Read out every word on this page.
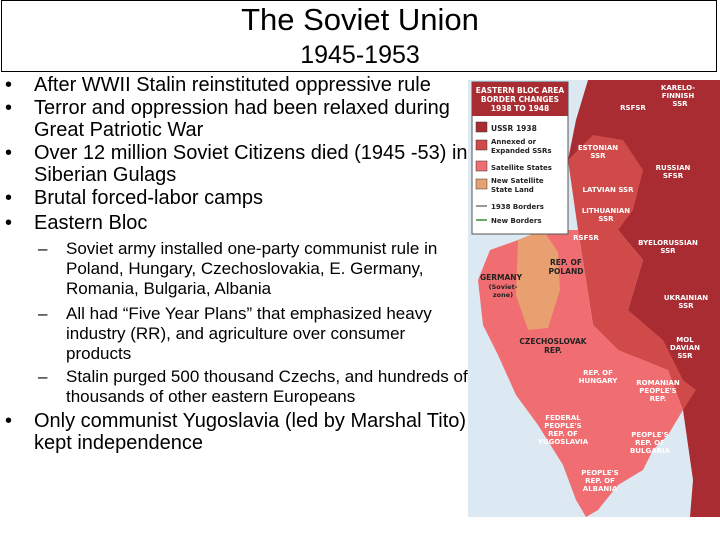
The Soviet Union
1945-1953
• After WWII Stalin reinstituted oppressive rule
• Terror and oppression had been relaxed during Great Patriotic War
• Over 12 million Soviet Citizens died (1945 -53) in Siberian Gulags
• Brutal forced-labor camps
• Eastern Bloc
– Soviet army installed one-party communist rule in Poland, Hungary, Czechoslovakia, E. Germany, Romania, Bulgaria, Albania
– All had “Five Year Plans” that emphasized heavy industry (RR), and agriculture over consumer products
– Stalin purged 500 thousand Czechs, and hundreds of thousands of other eastern Europeans
• Only communist Yugoslavia (led by Marshal Tito) kept independence
EASTERN BLOC AREA
BORDER CHANGES
1938 TO 1948
USSR 1938
Annexed or
Expanded SSRs
Satellite States
New Satellite
State Land
1938 Borders
New Borders
KARELO-
FINNISH
SSR
RSFSR
ESTONIAN
SSR
RUSSIAN
SFSR
LATVIAN SSR
LITHUANIAN
SSR
RSFSR
BYELORUSSIAN
SSR
REP. OF
POLAND
GERMANY
(Soviet-
zone)	UKRAINIAN
SSR
CZECHOSLOVAK
REP.
MOL
DAVIAN
SSR
REP. OF
HUNGARY	ROMANIAN
PEOPLE'S
REP.
FEDERAL
PEOPLE'S
REP. OF
YUGOSLAVIA
PEOPLE'S
REP. OF
BULGARIA
PEOPLE'S
REP. OF
ALBANIA
